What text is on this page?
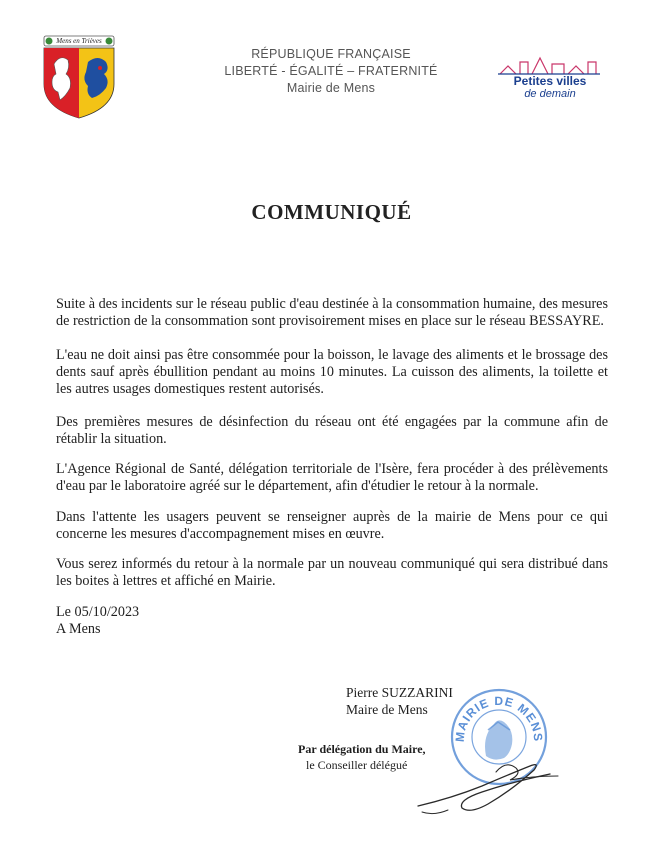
Mens en Trièves
RÉPUBLIQUE FRANÇAISE
LIBERTÉ - ÉGALITÉ – FRATERNITÉ
Mairie de Mens	Petites villes
de demain
COMMUNIQUÉ
Suite à des incidents sur le réseau public d'eau destinée à la consommation humaine, des mesures de restriction de la consommation sont provisoirement mises en place sur le réseau BESSAYRE.
L'eau ne doit ainsi pas être consommée pour la boisson, le lavage des aliments et le brossage des dents sauf après ébullition pendant au moins 10 minutes. La cuisson des aliments, la toilette et les autres usages domestiques restent autorisés.
Des premières mesures de désinfection du réseau ont été engagées par la commune afin de rétablir la situation.
L'Agence Régional de Santé, délégation territoriale de l'Isère, fera procéder à des prélèvements d'eau par le laboratoire agréé sur le département, afin d'étudier le retour à la normale.
Dans l'attente les usagers peuvent se renseigner auprès de la mairie de Mens pour ce qui concerne les mesures d'accompagnement mises en œuvre.
Vous serez informés du retour à la normale par un nouveau communiqué qui sera distribué dans les boites à lettres et affiché en Mairie.
Le 05/10/2023
A Mens
Pierre SUZZARINI
Maire de Mens
Par délégation du Maire,
le Conseiller délégué
MAIRIE DE MENS
